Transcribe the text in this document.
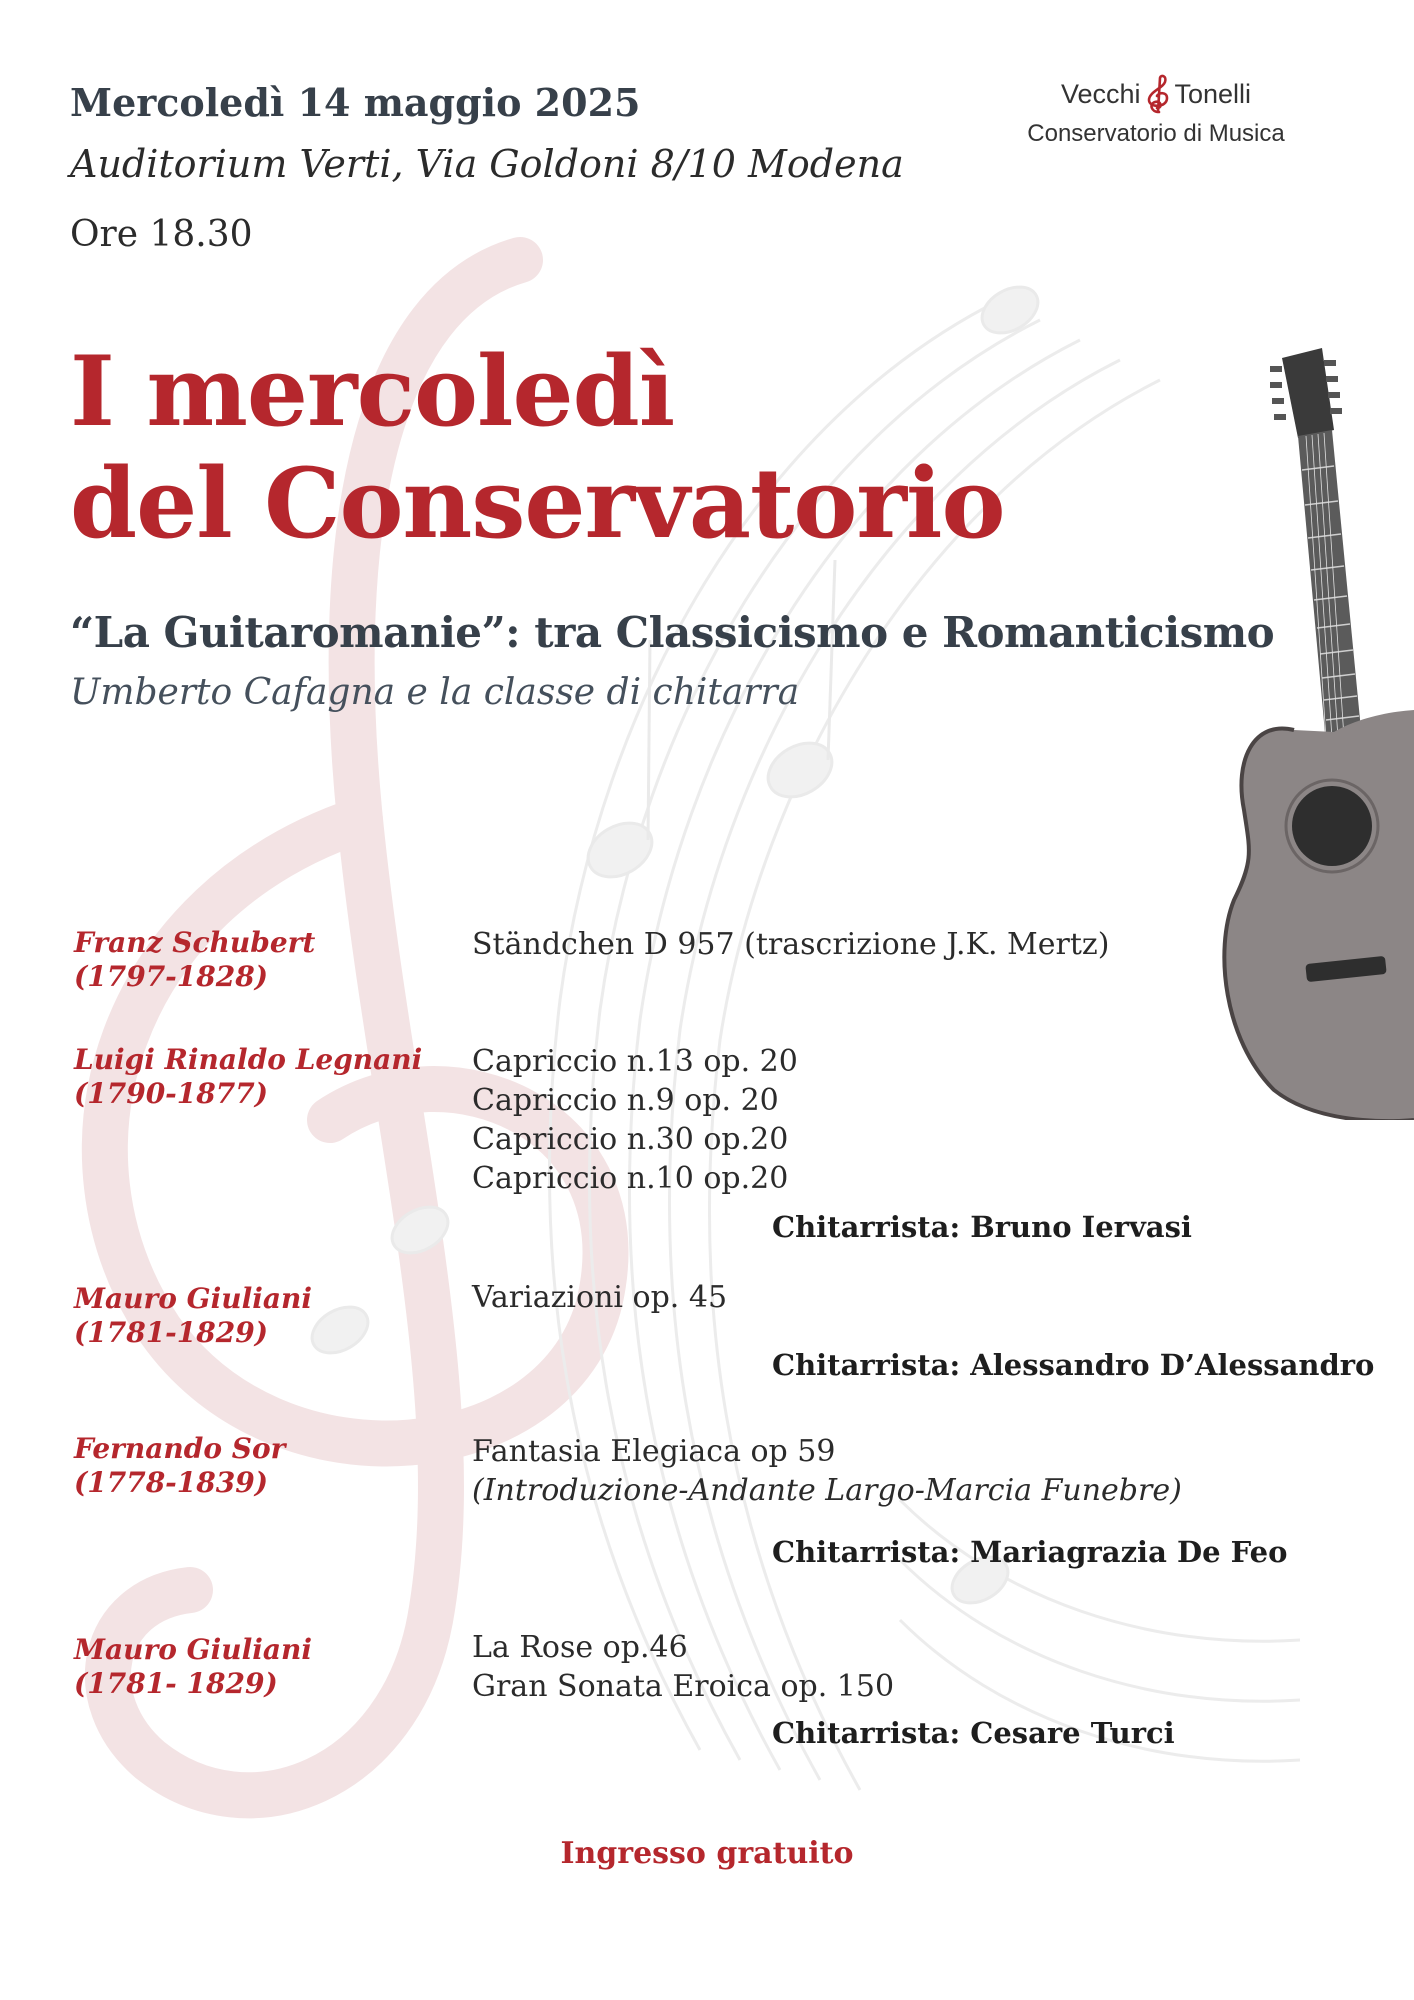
Mercoledì 14 maggio 2025
Auditorium Verti, Via Goldoni 8/10 Modena
Ore 18.30
Vecchi Tonelli
Conservatorio di Musica
I mercoledì
del Conservatorio
“La Guitaromanie”: tra Classicismo e Romanticismo
Umberto Cafagna e la classe di chitarra
Franz Schubert
(1797-1828)
Ständchen D 957 (trascrizione J.K. Mertz)
Luigi Rinaldo Legnani
(1790-1877)
Capriccio n.13 op. 20
Capriccio n.9 op. 20
Capriccio n.30 op.20
Capriccio n.10 op.20
Chitarrista: Bruno Iervasi
Mauro Giuliani
(1781-1829)
Variazioni op. 45
Chitarrista: Alessandro D’Alessandro
Fernando Sor
(1778-1839)
Fantasia Elegiaca op 59
(Introduzione-Andante Largo-Marcia Funebre)
Chitarrista: Mariagrazia De Feo
Mauro Giuliani
(1781- 1829)
La Rose op.46
Gran Sonata Eroica op. 150
Chitarrista: Cesare Turci
Ingresso gratuito
